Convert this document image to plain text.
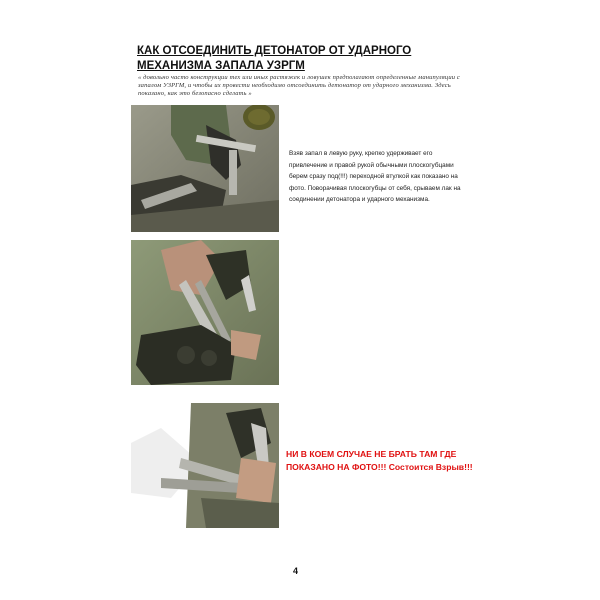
КАК ОТСОЕДИНИТЬ ДЕТОНАТОР ОТ УДАРНОГО МЕХАНИЗМА ЗАПАЛА УЗРГМ
« довольно часто конструкции тех или иных растяжек и ловушек предполагают определенные манипуляции с запалом УЗРГМ, и чтобы их провести необходимо отсоединить детонатор от ударного механизма. Здесь показано, как это безопасно сделать »
Взяв запал в левую руку, крепко удерживает его привлечение и правой рукой обычными плоскогубцами берем сразу под(!!!) переходной втулкой как показано на фото. Поворачивая плоскогубцы от себя, срываем лак на соединении детонатора и ударного механизма.
НИ В КОЕМ СЛУЧАЕ НЕ БРАТЬ ТАМ ГДЕ ПОКАЗАНО НА ФОТО!!! Состоится Взрыв!!!
4
